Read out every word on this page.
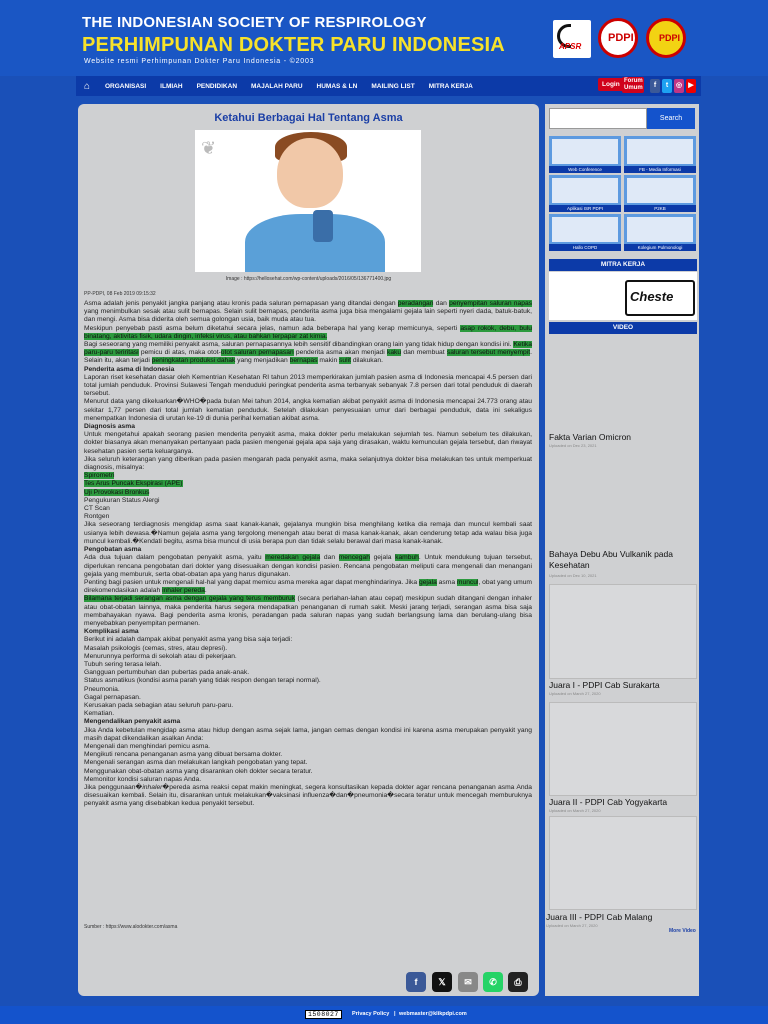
THE INDONESIAN SOCIETY OF RESPIROLOGY
PERHIMPUNAN DOKTER PARU INDONESIA
Website resmi Perhimpunan Dokter Paru Indonesia - ©2003
APSR
PDPI	PDPI
⌂	ORGANISASI ILMIAH PENDIDIKAN MAJALAH PARU HUMAS & LN MAILING LIST MITRA KERJA	Login Forum Umum	f	t	◎ ▶
Ketahui Berbagai Hal Tentang Asma
❦
Image : https://hellosehat.com/wp-content/uploads/2016/05/136771400.jpg
PP-PDPI, 08 Feb 2019 09:15:32

Asma adalah jenis penyakit jangka panjang atau kronis pada saluran pernapasan yang ditandai dengan peradangan dan penyempitan saluran napas yang menimbulkan sesak atau sulit bernapas. Selain sulit bernapas, penderita asma juga bisa mengalami gejala lain seperti nyeri dada, batuk-batuk, dan mengi. Asma bisa diderita oleh semua golongan usia, baik muda atau tua.

Meskipun penyebab pasti asma belum diketahui secara jelas, namun ada beberapa hal yang kerap memicunya, seperti asap rokok, debu, bulu binatang, aktivitas fisik, udara dingin, infeksi virus, atau bahkan terpapar zat kimia.

Bagi seseorang yang memiliki penyakit asma, saluran pernapasannya lebih sensitif dibandingkan orang lain yang tidak hidup dengan kondisi ini. Ketika paru-paru teriritasi pemicu di atas, maka otot-otot saluran pernapasan penderita asma akan menjadi kaku dan membuat saluran tersebut menyempit. Selain itu, akan terjadi peningkatan produksi dahak yang menjadikan bernapas makin sulit dilakukan.

Penderita asma di Indonesia

Laporan riset kesehatan dasar oleh Kementrian Kesehatan RI tahun 2013 memperkirakan jumlah pasien asma di Indonesia mencapai 4.5 persen dari total jumlah penduduk. Provinsi Sulawesi Tengah menduduki peringkat penderita asma terbanyak sebanyak 7.8 persen dari total penduduk di daerah tersebut.

Menurut data yang dikeluarkan�WHO�pada bulan Mei tahun 2014, angka kematian akibat penyakit asma di Indonesia mencapai 24.773 orang atau sekitar 1,77 persen dari total jumlah kematian penduduk. Setelah dilakukan penyesuaian umur dari berbagai penduduk, data ini sekaligus menempatkan Indonesia di urutan ke-19 di dunia perihal kematian akibat asma.

Diagnosis asma

Untuk mengetahui apakah seorang pasien menderita penyakit asma, maka dokter perlu melakukan sejumlah tes. Namun sebelum tes dilakukan, dokter biasanya akan menanyakan pertanyaan pada pasien mengenai gejala apa saja yang dirasakan, waktu kemunculan gejala tersebut, dan riwayat kesehatan pasien serta keluarganya.

Jika seluruh keterangan yang diberikan pada pasien mengarah pada penyakit asma, maka selanjutnya dokter bisa melakukan tes untuk memperkuat diagnosis, misalnya:

Spirometri

Tes Arus Puncak Ekspirasi (APE)

Uji Provokasi Bronkus

Pengukuran Status Alergi

CT Scan

Rontgen

Jika seseorang terdiagnosis mengidap asma saat kanak-kanak, gejalanya mungkin bisa menghilang ketika dia remaja dan muncul kembali saat usianya lebih dewasa.�Namun gejala asma yang tergolong menengah atau berat di masa kanak-kanak, akan cenderung tetap ada walau bisa juga muncul kembali.�Kendati begitu, asma bisa muncul di usia berapa pun dan tidak selalu berawal dari masa kanak-kanak.

Pengobatan asma

Ada dua tujuan dalam pengobatan penyakit asma, yaitu meredakan gejala dan mencegah gejala kambuh. Untuk mendukung tujuan tersebut, diperlukan rencana pengobatan dari dokter yang disesuaikan dengan kondisi pasien. Rencana pengobatan meliputi cara mengenali dan menangani gejala yang memburuk, serta obat-obatan apa yang harus digunakan.

Penting bagi pasien untuk mengenali hal-hal yang dapat memicu asma mereka agar dapat menghindarinya. Jika gejala asma muncul, obat yang umum direkomendasikan adalah inhaler pereda.

Bilamana terjadi serangan asma dengan gejala yang terus memburuk (secara perlahan-lahan atau cepat) meskipun sudah ditangani dengan inhaler atau obat-obatan lainnya, maka penderita harus segera mendapatkan penanganan di rumah sakit. Meski jarang terjadi, serangan asma bisa saja membahayakan nyawa. Bagi penderita asma kronis, peradangan pada saluran napas yang sudah berlangsung lama dan berulang-ulang bisa menyebabkan penyempitan permanen.

Komplikasi asma

Berikut ini adalah dampak akibat penyakit asma yang bisa saja terjadi:

Masalah psikologis (cemas, stres, atau depresi).

Menurunnya performa di sekolah atau di pekerjaan.

Tubuh sering terasa lelah.

Gangguan pertumbuhan dan pubertas pada anak-anak.

Status asmatikus (kondisi asma parah yang tidak respon dengan terapi normal).

Pneumonia.

Gagal pernapasan.

Kerusakan pada sebagian atau seluruh paru-paru.

Kematian.

Mengendalikan penyakit asma

Jika Anda kebetulan mengidap asma atau hidup dengan asma sejak lama, jangan cemas dengan kondisi ini karena asma merupakan penyakit yang masih dapat dikendalikan asalkan Anda:

Mengenali dan menghindari pemicu asma.

Mengikuti rencana penanganan asma yang dibuat bersama dokter.

Mengenali serangan asma dan melakukan langkah pengobatan yang tepat.

Menggunakan obat-obatan asma yang disarankan oleh dokter secara teratur.

Memonitor kondisi saluran napas Anda.

Jika penggunaan�inhaler�pereda asma reaksi cepat makin meningkat, segera konsultasikan kepada dokter agar rencana penanganan asma Anda disesuaikan kembali. Selain itu, disarankan untuk melakukan�vaksinasi influenza�dan�pneumonia�secara teratur untuk mencegah memburuknya penyakit asma yang disebabkan kedua penyakit tersebut.

Sumber : https://www.alodokter.com/asma
f	𝕏	✉	✆	⎙
Search
Web Conference	FB - Media Informasi
Aplikasi ISR PDPI	P2KB
Hallo COPD	Kolegium Pulmonologi
MITRA KERJA
Cheste
VIDEO
Fakta Varian Omicron
Uploaded on Dec 23, 2021
Bahaya Debu Abu Vulkanik pada Kesehatan
Uploaded on Dec 10, 2021
Juara I - PDPI Cab Surakarta
Uploaded on March 27, 2020
Juara II - PDPI Cab Yogyakarta
Uploaded on March 27, 2020
Juara III - PDPI Cab Malang
Uploaded on March 27, 2020
More Video
1508027	Privacy Policy | webmaster@klikpdpi.com
